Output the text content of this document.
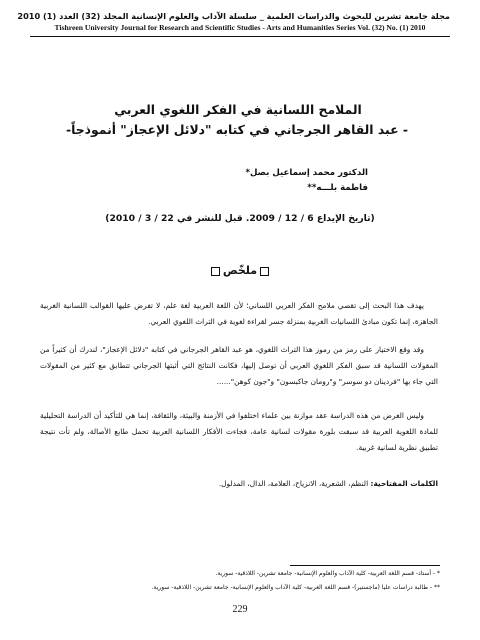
مجلة جامعة تشرين للبحوث والدراسات العلمية _ سلسلة الآداب والعلوم الإنسانية المجلد (32) العدد (1) 2010
Tishreen University Journal for Research and Scientific Studies - Arts and Humanities Series Vol. (32) No. (1) 2010
الملامح اللسانية في الفكر اللغوي العربي
- عبد القاهر الجرجاني في كتابه "دلائل الإعجاز" أنموذجاً-
الدكتور محمد إسماعيل بصل*
فاطمة بلـــه**
(تاريخ الإيداع 6 / 12 / 2009. قبل للنشر في 22 / 3 / 2010)
ملخّص
يهدف هذا البحث إلى تقصي ملامح الفكر العربي اللساني؛ لأن اللغة العربية لغة علم، لا تفرض عليها القوالب اللسانية الغربية الجاهزة، إنما تكون مبادئ اللسانيات الغربية بمنزلة جسر لقراءة لغوية في التراث اللغوي العربي.
وقد وقع الاختيار على رمز من رموز هذا التراث اللغوي، هو عبد القاهر الجرجاني في كتابه "دلائل الإعجاز"، لندرك أن كثيراً من المقولات اللسانية قد سبق الفكر اللغوي العربي أن توصل إليها، فكانت النتائج التي أثبتها الجرجاني تتطابق مع كثير من المقولات التي جاء بها "فردينان دو سوسر" و"رومان جاكبسون" و"جون كوهن"......
وليس الغرض من هذه الدراسة عقد موازنة بين علماء اختلفوا في الأزمنة والبيئة، والثقافة، إنما هي للتأكيد أن الدراسة التحليلية للمادة اللغوية العربية قد سبقت بلورة مقولات لسانية عامة، فجاءت الأفكار اللسانية العربية تحمل طابع الأصالة، ولم تأت نتيجة تطبيق نظرية لسانية غربية.
الكلمات المفتاحية: النظم، الشعرية، الانزياح، العلامة، الدال، المدلول.
* - أستاذ- قسم اللغة العربية- كلية الآداب والعلوم الإنسانية- جامعة تشرين- اللاذقية- سورية.
** - طالبة دراسات عليا (ماجستير)- قسم اللغة العربية- كلية الآداب والعلوم الإنسانية- جامعة تشرين- اللاذقية- سورية.
229
